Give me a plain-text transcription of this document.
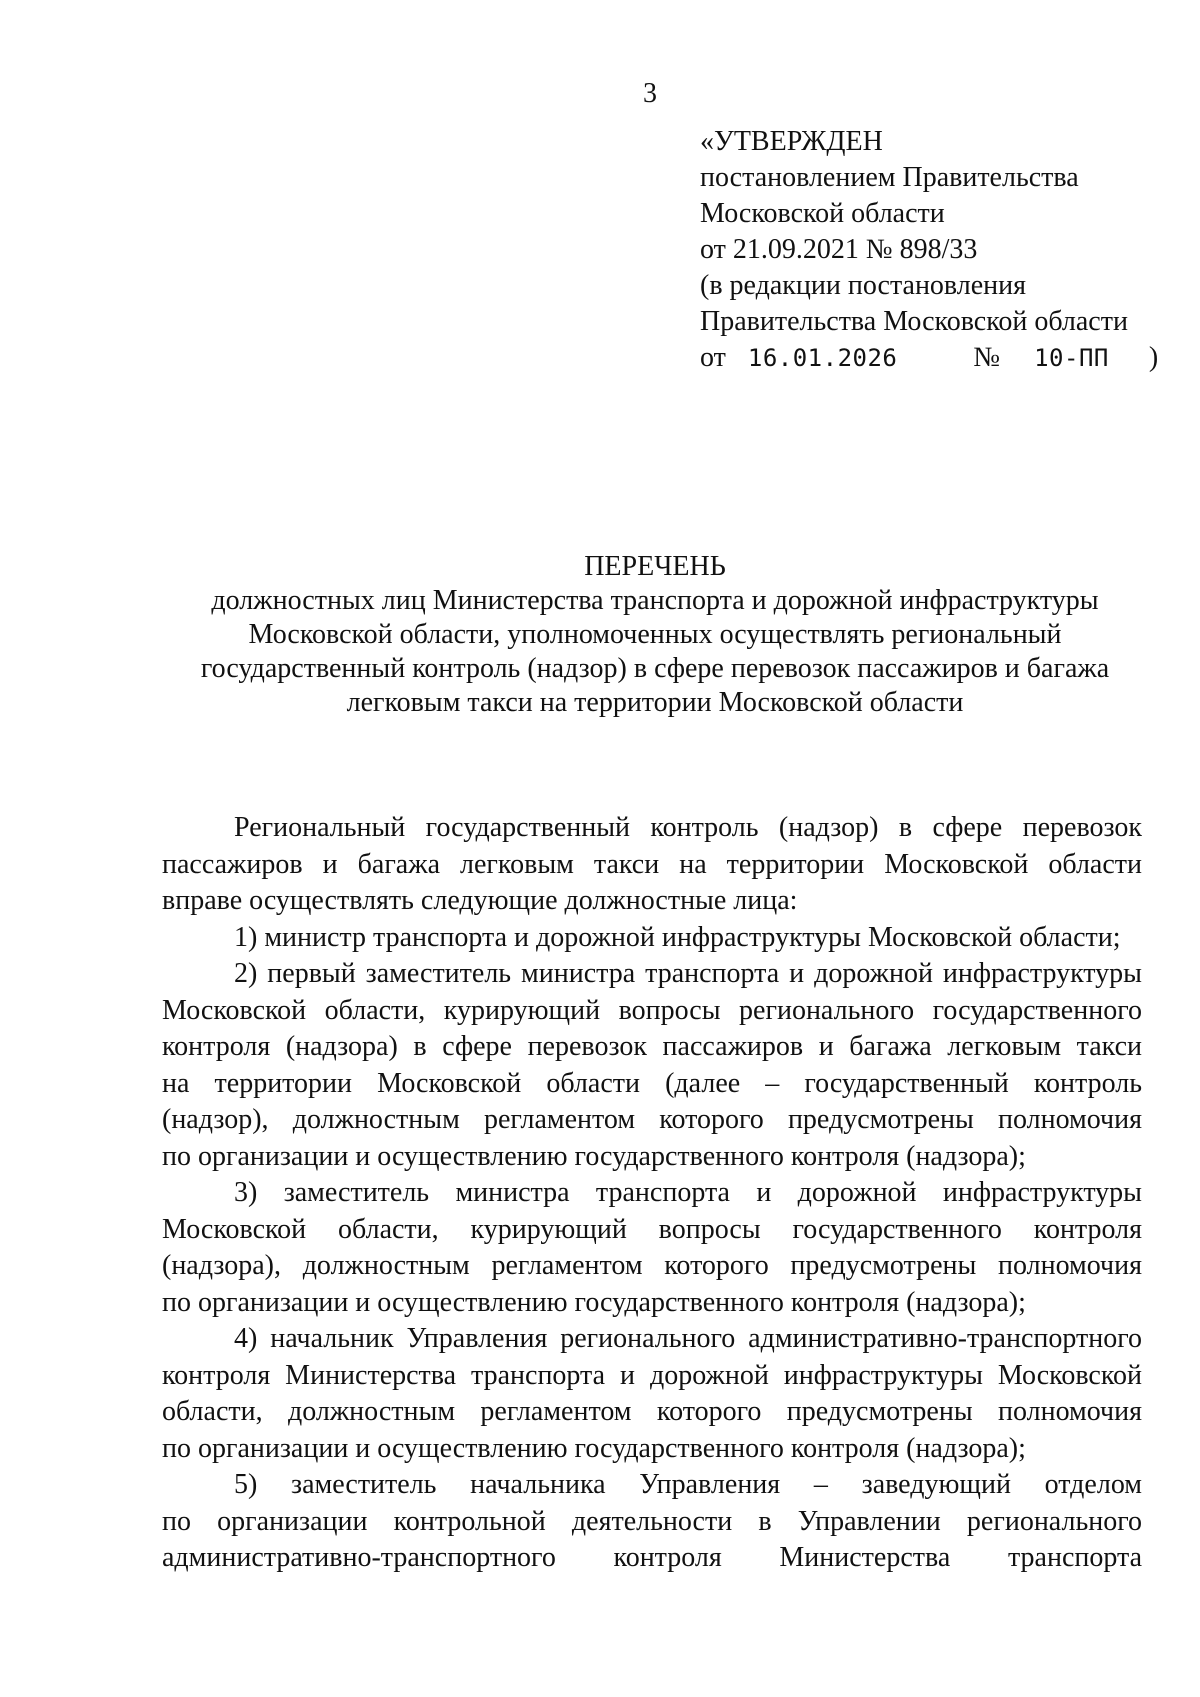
3
«УТВЕРЖДЕН
постановлением Правительства
Московской области
от 21.09.2021 № 898/33
(в редакции постановления
Правительства Московской области
от 16.01.2026	№ 10-ПП )
ПЕРЕЧЕНЬ
должностных лиц Министерства транспорта и дорожной инфраструктуры
Московской области, уполномоченных осуществлять региональный
государственный контроль (надзор) в сфере перевозок пассажиров и багажа
легковым такси на территории Московской области

Региональный государственный контроль (надзор) в сфере перевозок
пассажиров и багажа легковым такси на территории Московской области
вправе осуществлять следующие должностные лица:

1) министр транспорта и дорожной инфраструктуры Московской области;

2) первый заместитель министра транспорта и дорожной инфраструктуры
Московской области, курирующий вопросы регионального государственного
контроля (надзора) в сфере перевозок пассажиров и багажа легковым такси
на территории Московской области (далее – государственный контроль
(надзор), должностным регламентом которого предусмотрены полномочия
по организации и осуществлению государственного контроля (надзора);

3) заместитель министра транспорта и дорожной инфраструктуры
Московской области, курирующий вопросы государственного контроля
(надзора), должностным регламентом которого предусмотрены полномочия
по организации и осуществлению государственного контроля (надзора);

4) начальник Управления регионального административно-транспортного
контроля Министерства транспорта и дорожной инфраструктуры Московской
области, должностным регламентом которого предусмотрены полномочия
по организации и осуществлению государственного контроля (надзора);

5) заместитель начальника Управления – заведующий отделом
по организации контрольной деятельности в Управлении регионального
административно-транспортного контроля Министерства транспорта
